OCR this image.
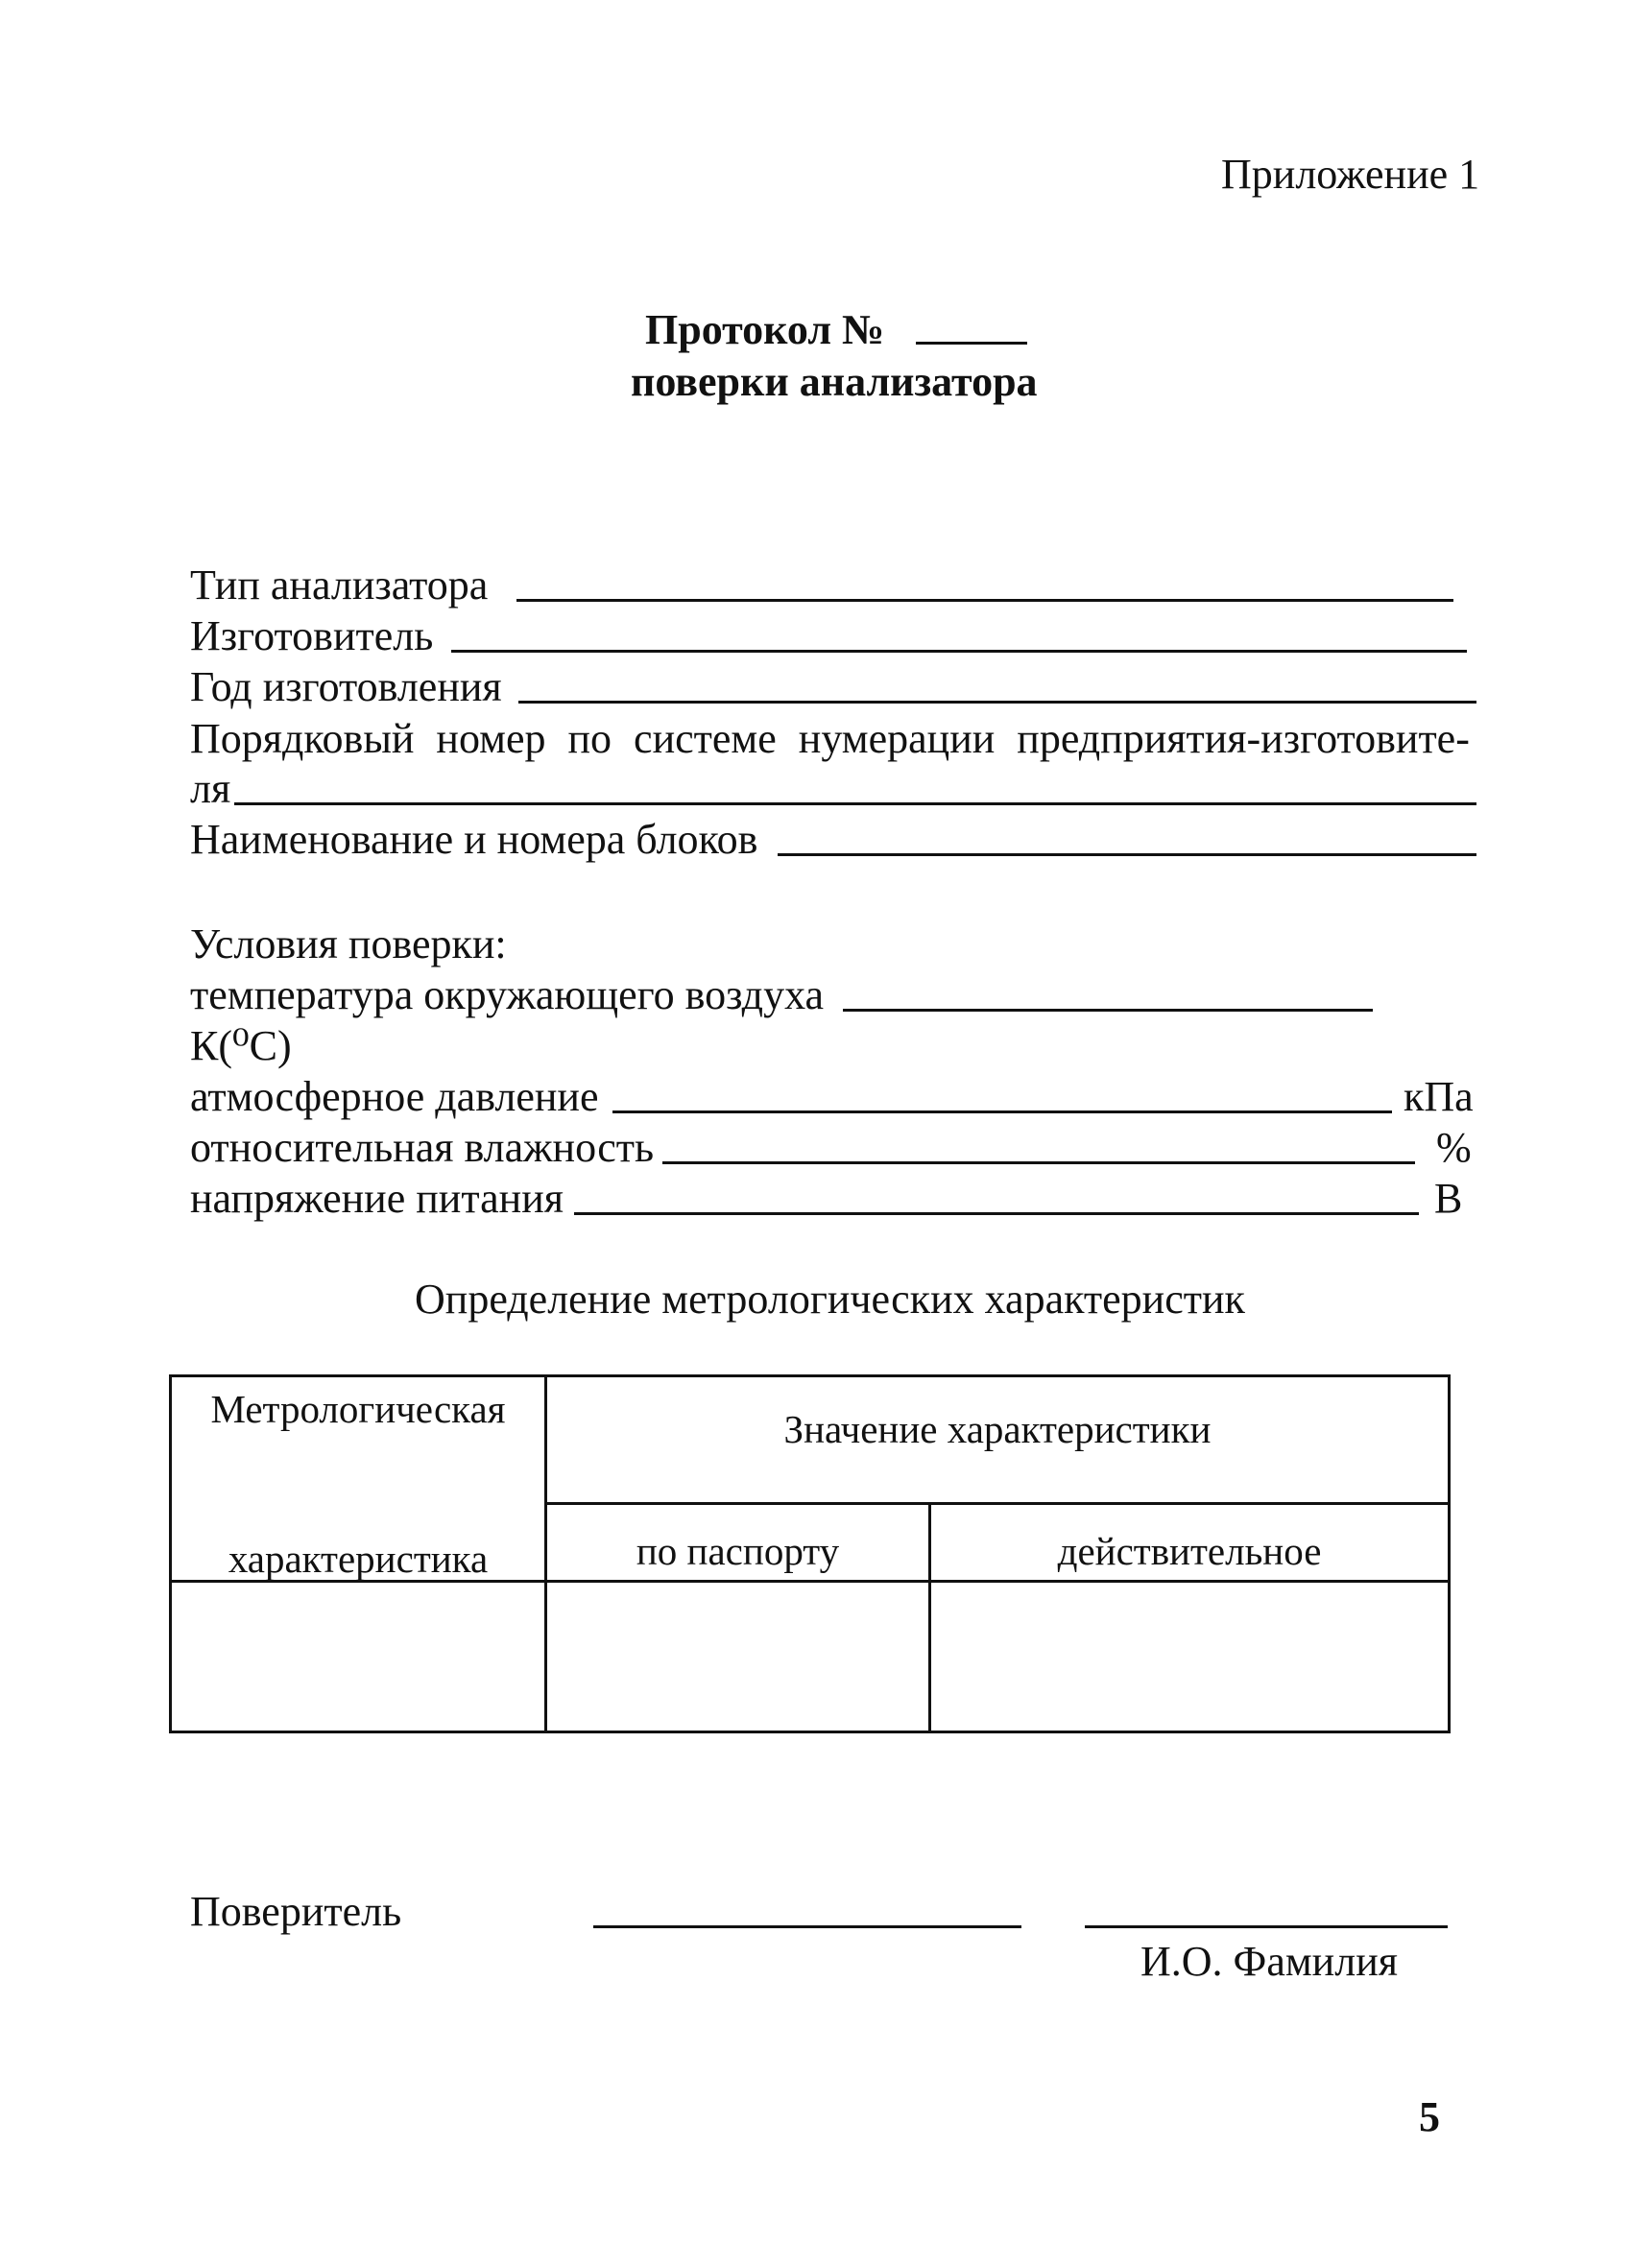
Приложение 1
Протокол №
поверки анализатора
Тип анализатора
Изготовитель
Год изготовления
Порядковый номер по системе нумерации предприятия-изготовите-
ля
Наименование и номера блоков
Условия поверки:
температура окружающего воздуха
К(⁰С)
атмосферное давление	кПа
относительная влажность	%
напряжение питания	В
Определение метрологических характеристик
Метрологическая
характеристика	Значение характеристики	
	по паспорту	действительное

Поверитель
И.О. Фамилия
5
